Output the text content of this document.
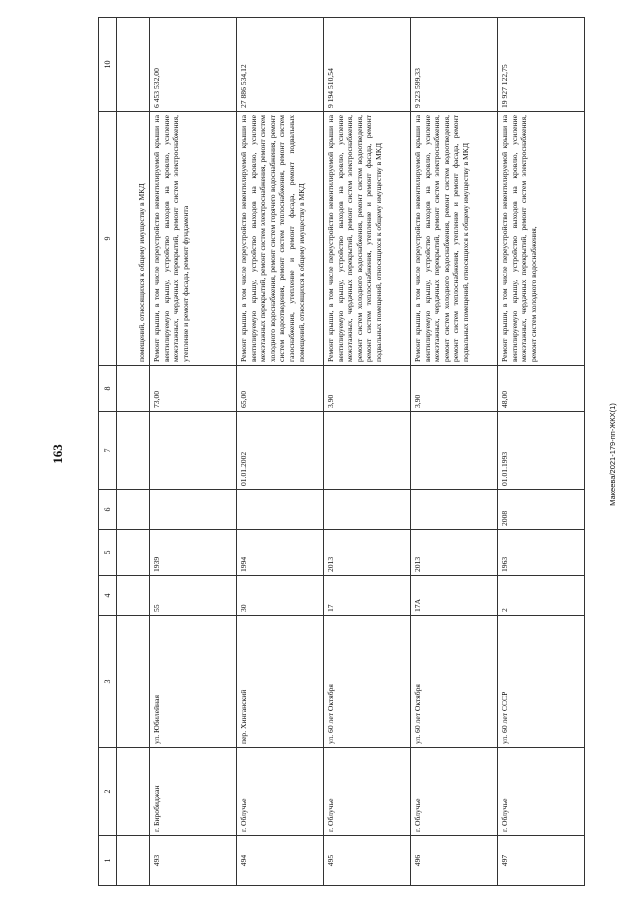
163
1	2	3	4	5	6	7	8	9	10
								помещений, относящихся к общему имуществу в МКД	
493	г. Биробиджан	ул. Юбилейная	55	1939			73,00	Ремонт крыши, в том числе переустройство невентилируемой крыши на вентилируемую крышу, устройство выходов на кровлю, усиление межэтажных, чердачных перекрытий, ремонт систем электроснабжения, утепление и ремонт фасада, ремонт фундамента	6 453 532,00
494	г. Облучье	пер. Хинганский	30	1994		01.01.2002	65,00	Ремонт крыши, в том числе переустройство невентилируемой крыши на вентилируемую крышу, устройство выходов на кровлю, усиление межэтажных перекрытий, ремонт систем электроснабжения, ремонт систем холодного водоснабжения, ремонт систем горячего водоснабжения, ремонт систем водоотведения, ремонт систем теплоснабжения, ремонт систем газоснабжения, утепление и ремонт фасада, ремонт подвальных помещений, относящихся к общему имуществу в МКД	27 886 534,12
495	г. Облучье	ул. 60 лет Октября	17	2013			3,90	Ремонт крыши, в том числе переустройство невентилируемой крыши на вентилируемую крышу, устройство выходов на кровлю, усиление межэтажных, чердачных перекрытий, ремонт систем электроснабжения, ремонт систем холодного водоснабжения, ремонт систем водоотведения, ремонт систем теплоснабжения, утепление и ремонт фасада, ремонт подвальных помещений, относящихся к общему имуществу в МКД	9 194 510,54
496	г. Облучье	ул. 60 лет Октября	17А	2013			3,90	Ремонт крыши, в том числе переустройство невентилируемой крыши на вентилируемую крышу, устройство выходов на кровлю, усиление межэтажных, чердачных перекрытий, ремонт систем электроснабжения, ремонт систем холодного водоснабжения, ремонт систем водоотведения, ремонт систем теплоснабжения, утепление и ремонт фасада, ремонт подвальных помещений, относящихся к общему имуществу в МКД	9 223 599,33
497	г. Облучье	ул. 60 лет СССР	2	1963	2008	01.01.1993	48,00	Ремонт крыши, в том числе переустройство невентилируемой крыши на вентилируемую крышу, устройство выходов на кровлю, усиление межэтажных, чердачных перекрытий, ремонт систем электроснабжения, ремонт систем холодного водоснабжения,	19 927 122,75
Макеева/2021-179-пп-ЖКХ(1)
